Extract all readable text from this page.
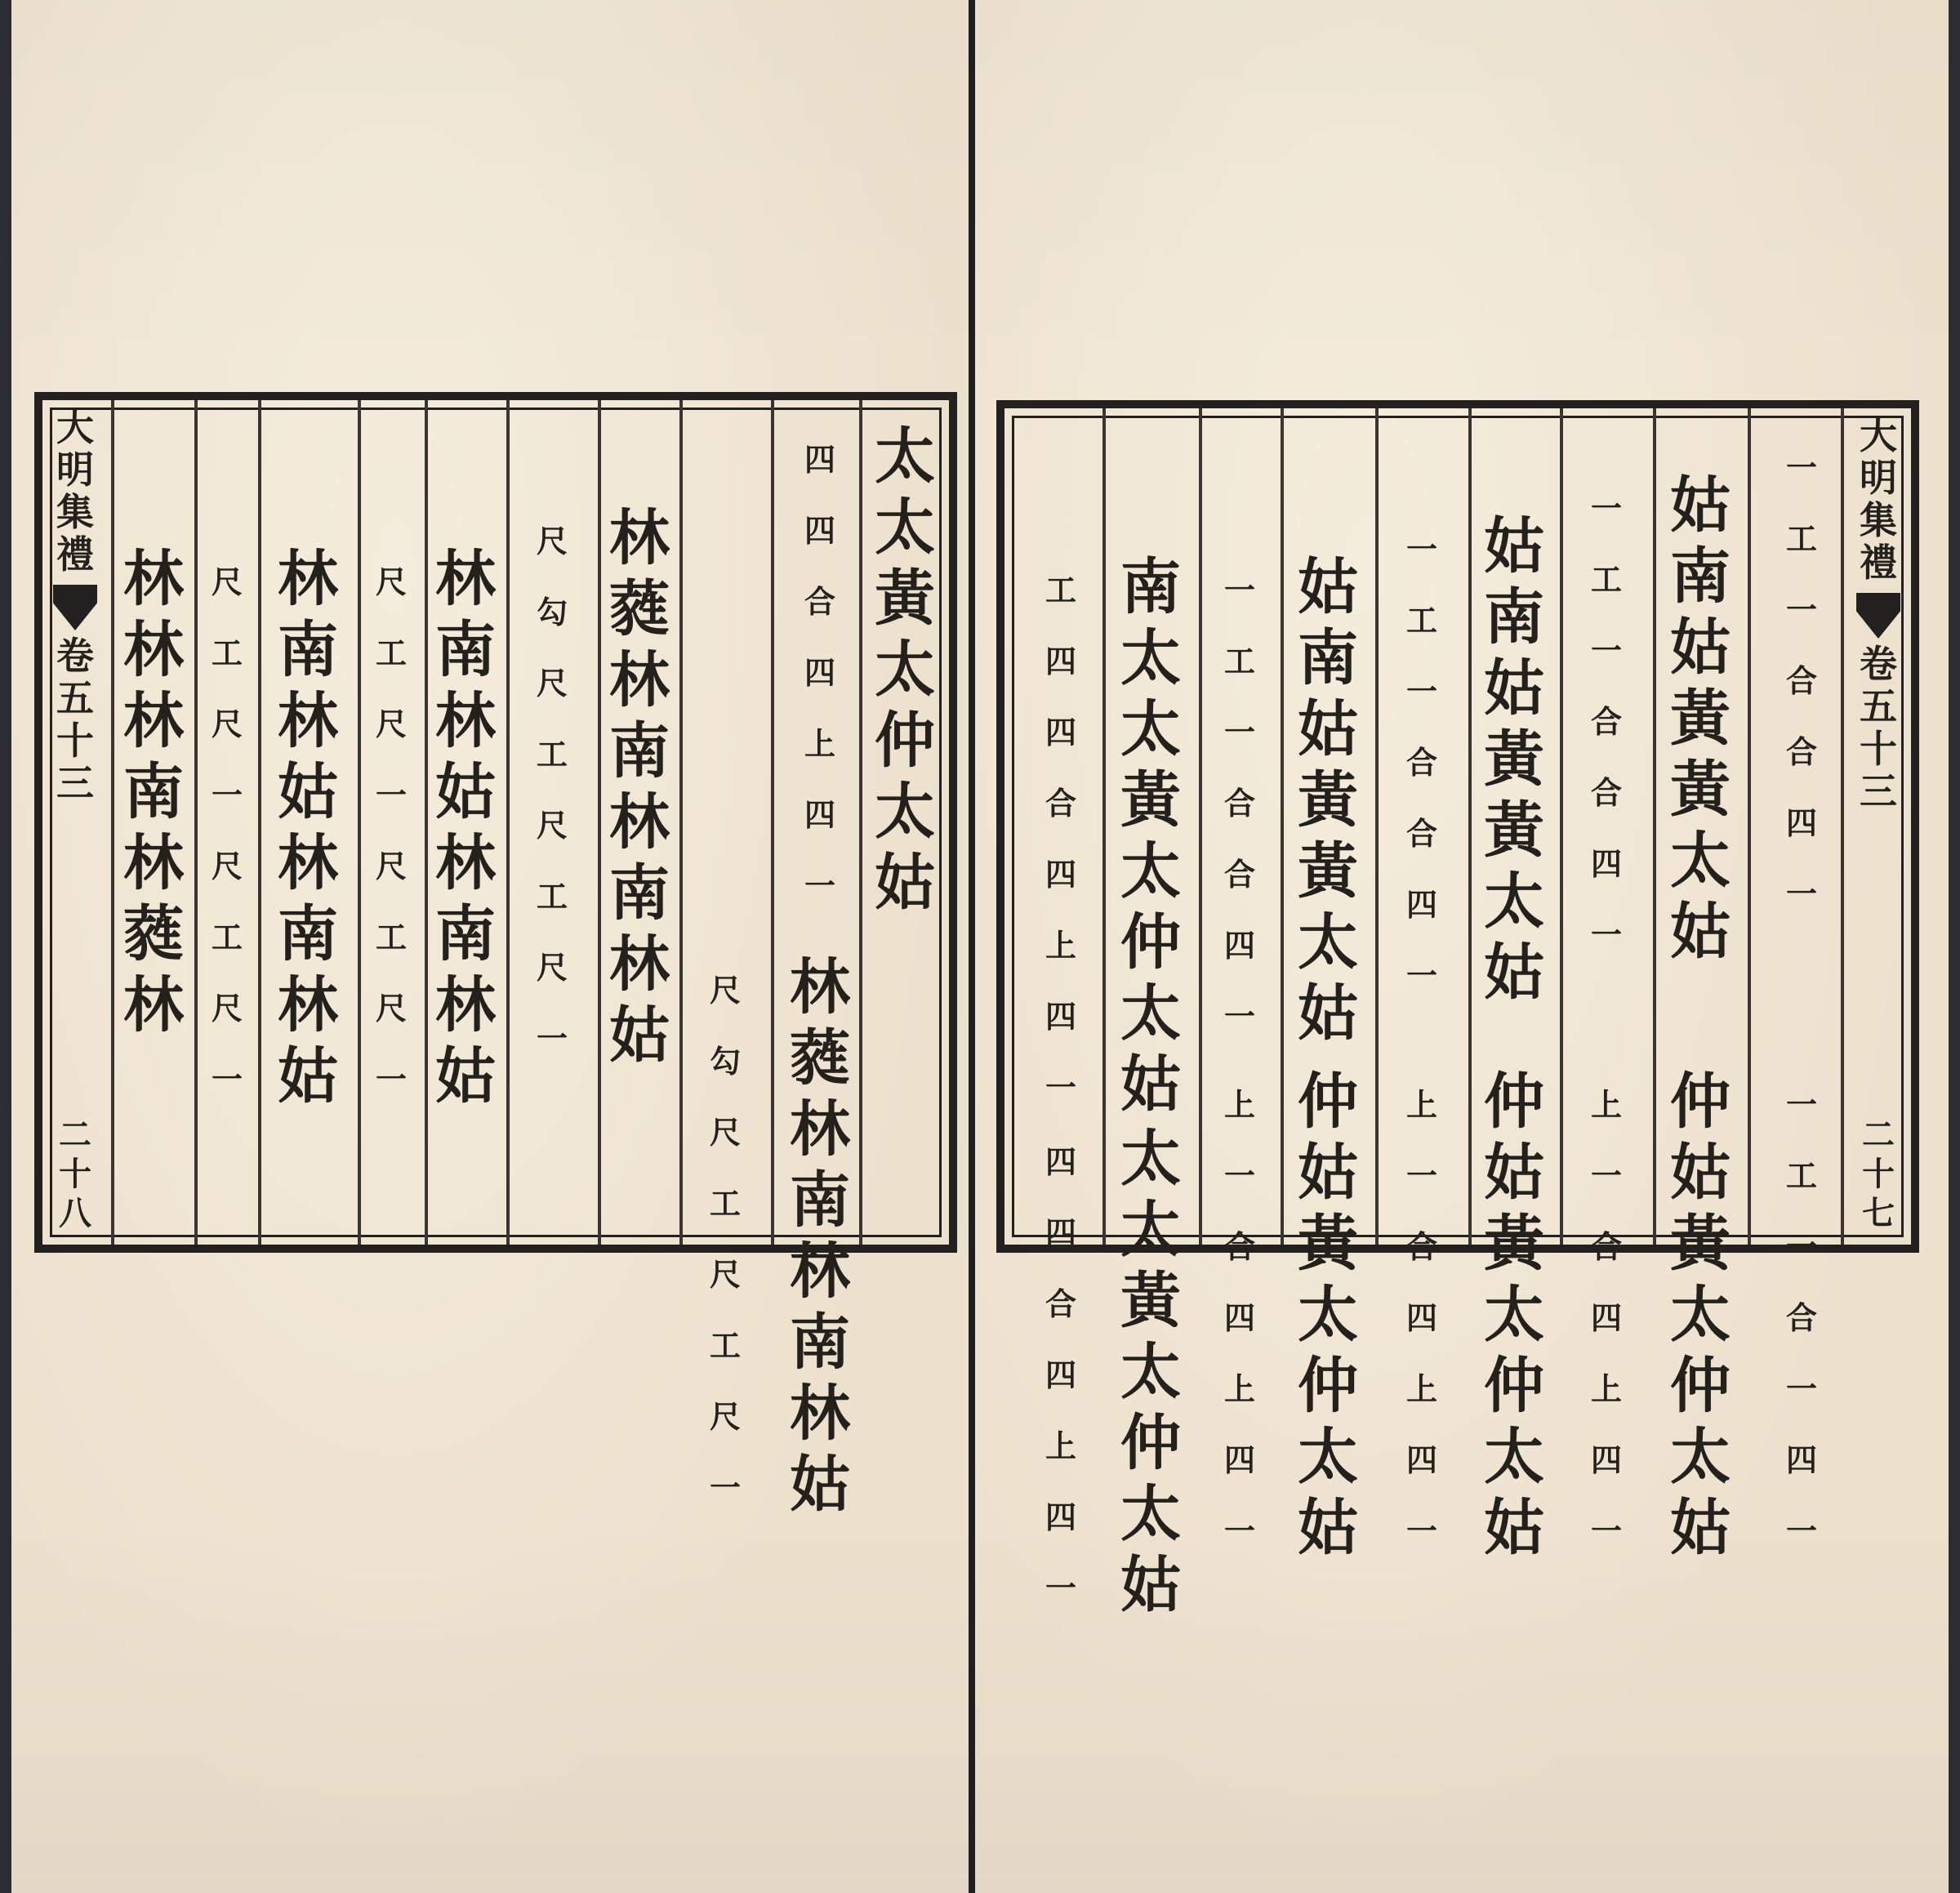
大
明
集
禮
卷
五
十
三
二
十
八
太
太
黃
太
仲
太
姑
四
四
合
四
上
四
一
林
蕤
林
南
林
南
林
姑
尺
勾
尺
工
尺
工
尺
一
林
蕤
林
南
林
南
林
姑
尺
勾
尺
工
尺
工
尺
一
林
南
林
姑
林
南
林
姑
尺
工
尺
一
尺
工
尺
一
林
南
林
姑
林
南
林
姑
尺
工
尺
一
尺
工
尺
一
林
林
林
南
林
蕤
林
大
明
集
禮
卷
五
十
三
二
十
七
一
工
一
合
合
四
一
一
工
一
合
一
四
一
姑
南
姑
黃
黃
太
姑
仲
姑
黃
太
仲
太
姑
一
工
一
合
合
四
一
上
一
合
四
上
四
一
姑
南
姑
黃
黃
太
姑
仲
姑
黃
太
仲
太
姑
一
工
一
合
合
四
一
上
一
合
四
上
四
一
姑
南
姑
黃
黃
太
姑
仲
姑
黃
太
仲
太
姑
一
工
一
合
合
四
一
上
一
合
四
上
四
一
南
太
太
黃
太
仲
太
姑
太
太
黃
太
仲
太
姑
工
四
四
合
四
上
四
一
四
四
合
四
上
四
一
